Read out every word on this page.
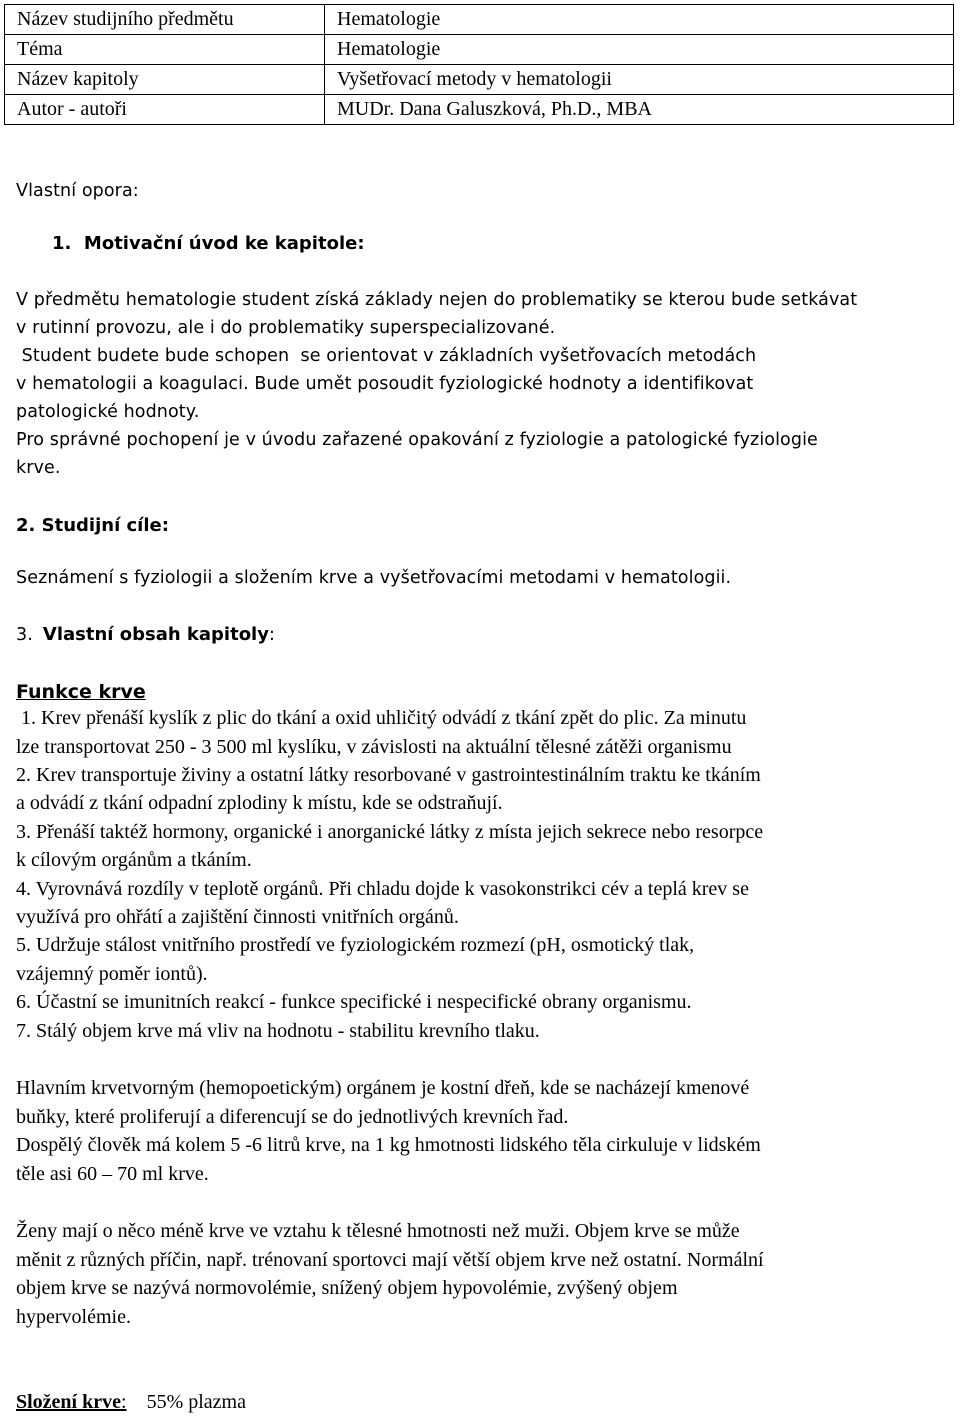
Název studijního předmětu	Hematologie
Téma	Hematologie
Název kapitoly	Vyšetřovací metody v hematologii
Autor - autoři	MUDr. Dana Galuszková, Ph.D., MBA
Vlastní opora:
1. Motivační úvod ke kapitole:
V předmětu hematologie student získá základy nejen do problematiky se kterou bude setkávat
v rutinní provozu, ale i do problematiky superspecializované.
Student budete bude schopen  se orientovat v základních vyšetřovacích metodách
v hematologii a koagulaci. Bude umět posoudit fyziologické hodnoty a identifikovat
patologické hodnoty.
Pro správné pochopení je v úvodu zařazené opakování z fyziologie a patologické fyziologie
krve.
2. Studijní cíle:
Seznámení s fyziologii a složením krve a vyšetřovacími metodami v hematologii.
3. Vlastní obsah kapitoly:
Funkce krve
1. Krev přenáší kyslík z plic do tkání a oxid uhličitý odvádí z tkání zpět do plic. Za minutu
lze transportovat 250 - 3 500 ml kyslíku, v závislosti na aktuální tělesné zátěži organismu
2. Krev transportuje živiny a ostatní látky resorbované v gastrointestinálním traktu ke tkáním
a odvádí z tkání odpadní zplodiny k místu, kde se odstraňují.
3. Přenáší taktéž hormony, organické i anorganické látky z místa jejich sekrece nebo resorpce
k cílovým orgánům a tkáním.
4. Vyrovnává rozdíly v teplotě orgánů. Při chladu dojde k vasokonstrikci cév a teplá krev se
využívá pro ohřátí a zajištění činnosti vnitřních orgánů.
5. Udržuje stálost vnitřního prostředí ve fyziologickém rozmezí (pH, osmotický tlak,
vzájemný poměr iontů).
6. Účastní se imunitních reakcí - funkce specifické i nespecifické obrany organismu.
7. Stálý objem krve má vliv na hodnotu - stabilitu krevního tlaku.
Hlavním krvetvorným (hemopoetickým) orgánem je kostní dřeň, kde se nacházejí kmenové
buňky, které proliferují a diferencují se do jednotlivých krevních řad.
Dospělý člověk má kolem 5 -6 litrů krve, na 1 kg hmotnosti lidského těla cirkuluje v lidském
těle asi 60 – 70 ml krve.
Ženy mají o něco méně krve ve vztahu k tělesné hmotnosti než muži. Objem krve se může
měnit z různých příčin, např. trénovaní sportovci mají větší objem krve než ostatní. Normální
objem krve se nazývá normovolémie, snížený objem hypovolémie, zvýšený objem
hypervolémie.
Složení krve: 55% plazma
